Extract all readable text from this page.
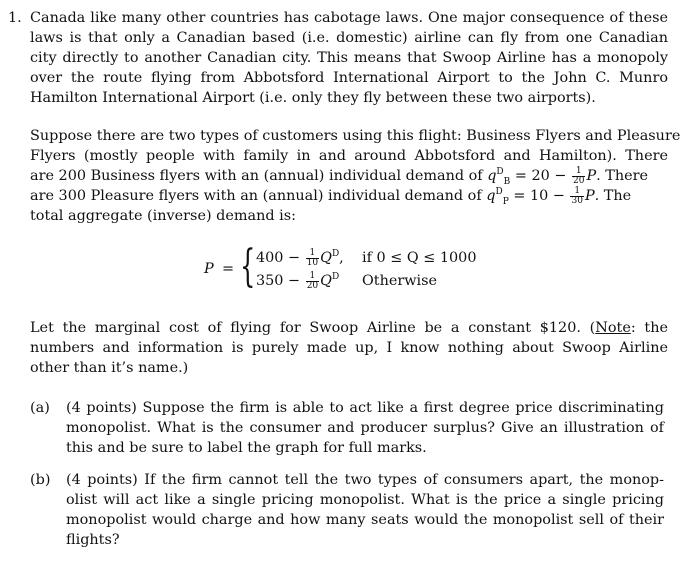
1. Canada like many other countries has cabotage laws. One major consequence of these
laws is that only a Canadian based (i.e. domestic) airline can fly from one Canadian
city directly to another Canadian city. This means that Swoop Airline has a monopoly
over the route flying from Abbotsford International Airport to the John C. Munro
Hamilton International Airport (i.e. only they fly between these two airports).
Suppose there are two types of customers using this flight: Business Flyers and Pleasure
Flyers (mostly people with family in and around Abbotsford and Hamilton). There
are 200 Business flyers with an (annual) individual demand of $q^D_B = 20 - \frac{1}{20} P$. There
are 300 Pleasure flyers with an (annual) individual demand of $q^D_P = 10 - \frac{1}{30} P$. The
total aggregate (inverse) demand is:
P = { $400 - \frac{1}{10} Q^D$, if 0 ≤ Q ≤ 1000
$350 - \frac{1}{20} Q^D$ Otherwise
Let the marginal cost of flying for Swoop Airline be a constant $120. (Note: the
numbers and information is purely made up, I know nothing about Swoop Airline
other than it’s name.)
(a) (4 points) Suppose the firm is able to act like a first degree price discriminating
monopolist. What is the consumer and producer surplus? Give an illustration of
this and be sure to label the graph for full marks.
(b) (4 points) If the firm cannot tell the two types of consumers apart, the monop-
olist will act like a single pricing monopolist. What is the price a single pricing
monopolist would charge and how many seats would the monopolist sell of their
flights?
